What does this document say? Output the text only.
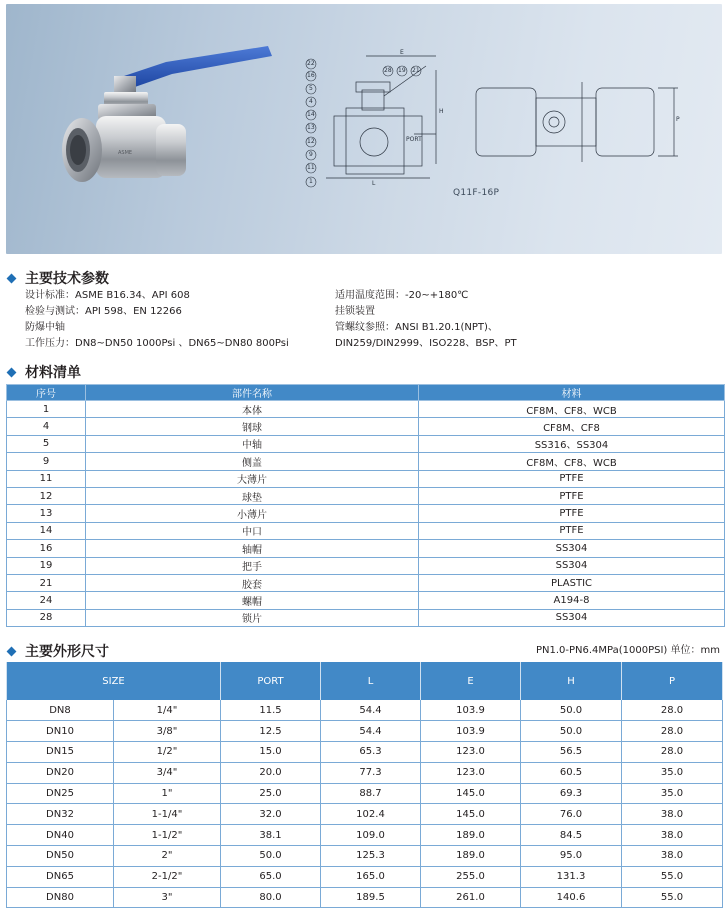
ASME
22
16
5
4
14
13
12
9
11
1
28 19 21
E
H
L
PORT
P
Q11F-16P
主要技术参数
设计标准：ASME B16.34、API 608
检验与测试：API 598、EN 12266
防爆中轴
工作压力：DN8~DN50 1000Psi 、DN65~DN80 800Psi
适用温度范围：-20~+180℃
挂锁装置
管螺纹参照：ANSI B1.20.1(NPT)、
DIN259/DIN2999、ISO228、BSP、PT
材料清单
序号	部件名称	材料
1	本体	CF8M、CF8、WCB
4	钢球	CF8M、CF8
5	中轴	SS316、SS304
9	侧盖	CF8M、CF8、WCB
11	大薄片	PTFE
12	球垫	PTFE
13	小薄片	PTFE
14	中口	PTFE
16	轴帽	SS304
19	把手	SS304
21	胶套	PLASTIC
24	螺帽	A194-8
28	锁片	SS304
主要外形尺寸	PN1.0-PN6.4MPa(1000PSI) 单位：mm
SIZE		PORT	L	E	H	P
DN8	1/4"	11.5	54.4	103.9	50.0	28.0
DN10	3/8"	12.5	54.4	103.9	50.0	28.0
DN15	1/2"	15.0	65.3	123.0	56.5	28.0
DN20	3/4"	20.0	77.3	123.0	60.5	35.0
DN25	1"	25.0	88.7	145.0	69.3	35.0
DN32	1-1/4"	32.0	102.4	145.0	76.0	38.0
DN40	1-1/2"	38.1	109.0	189.0	84.5	38.0
DN50	2"	50.0	125.3	189.0	95.0	38.0
DN65	2-1/2"	65.0	165.0	255.0	131.3	55.0
DN80	3"	80.0	189.5	261.0	140.6	55.0
